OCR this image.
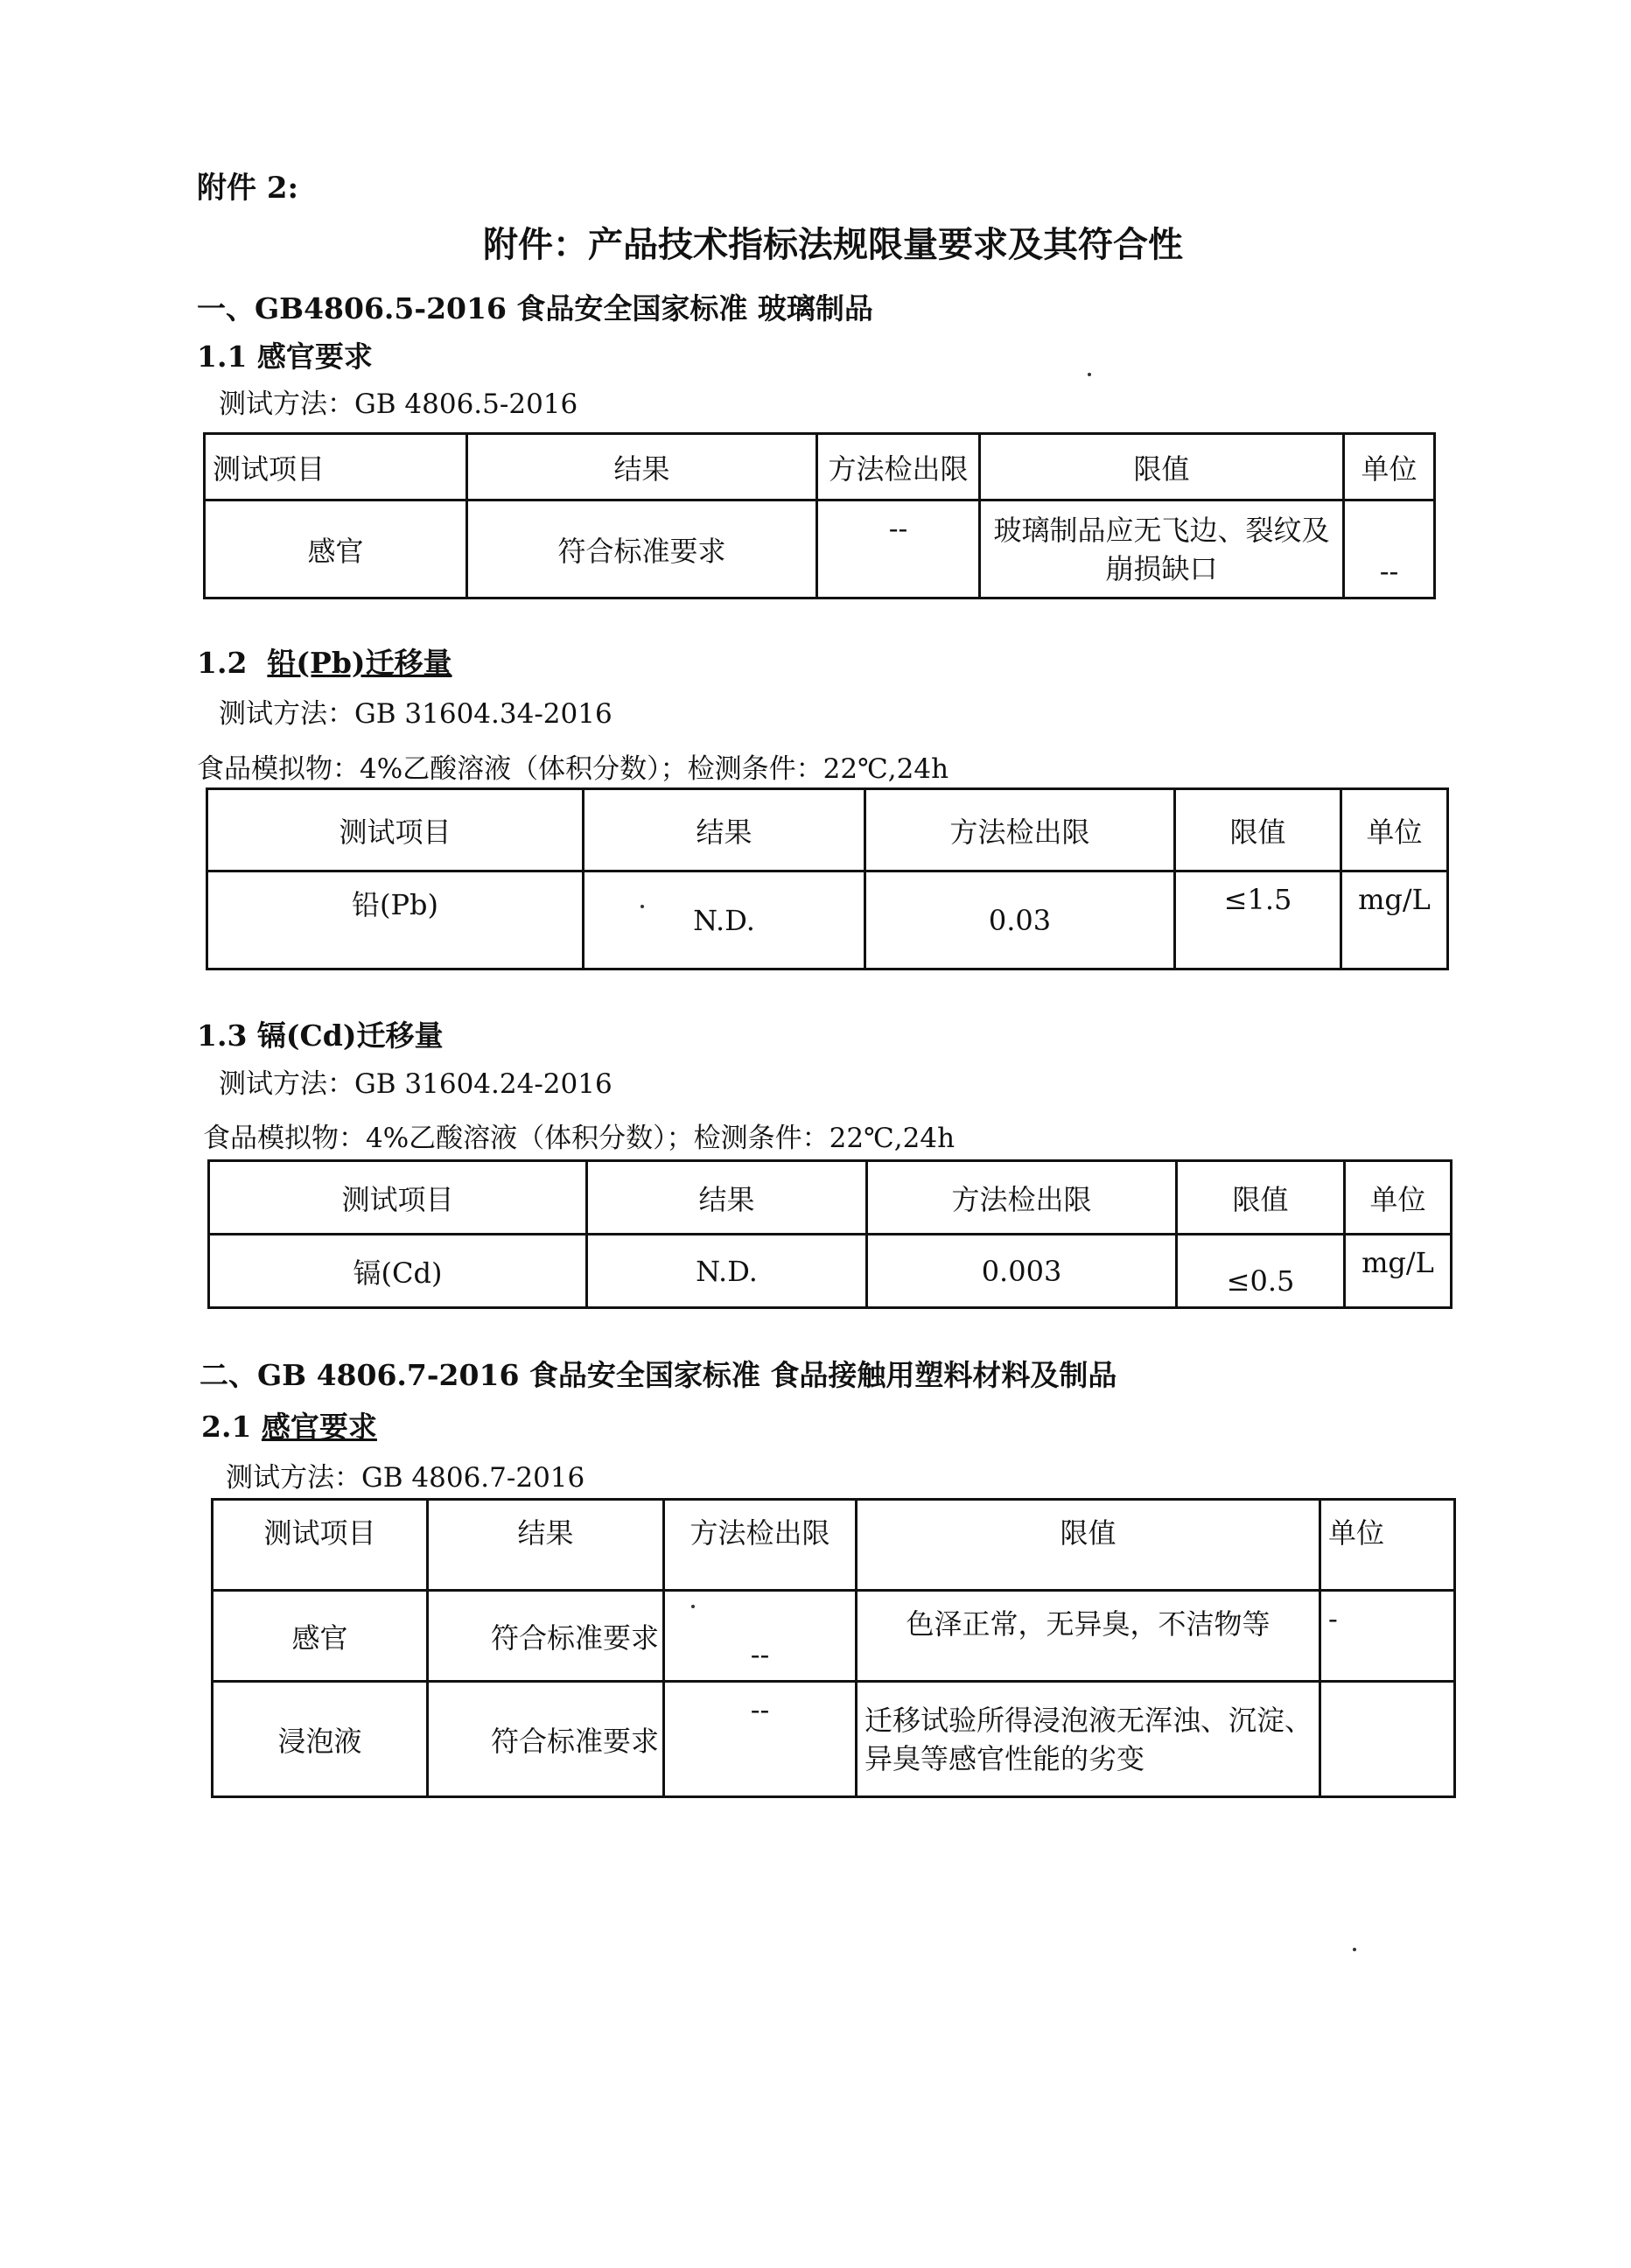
附件 2:
附件：产品技术指标法规限量要求及其符合性
一、GB4806.5-2016 食品安全国家标准 玻璃制品
1.1 感官要求
测试方法：GB 4806.5-2016
测试项目	结果	方法检出限	限值	单位
感官	符合标准要求	--	玻璃制品应无飞边、裂纹及崩损缺口	--
1.2 铅(Pb)迁移量
测试方法：GB 31604.34-2016
食品模拟物：4%乙酸溶液（体积分数）；检测条件：22℃,24h
测试项目	结果	方法检出限	限值	单位
铅(Pb)	N.D.	0.03	≤1.5	mg/L
1.3 镉(Cd)迁移量
测试方法：GB 31604.24-2016
食品模拟物：4%乙酸溶液（体积分数）；检测条件：22℃,24h
测试项目	结果	方法检出限	限值	单位
镉(Cd)	N.D.	0.003	≤0.5	mg/L
二、GB 4806.7-2016 食品安全国家标准 食品接触用塑料材料及制品
2.1 感官要求
测试方法：GB 4806.7-2016
测试项目	结果	方法检出限	限值	单位
感官	符合标准要求	--	色泽正常，无异臭，不洁物等	-
浸泡液	符合标准要求	--	迁移试验所得浸泡液无浑浊、沉淀、异臭等感官性能的劣变	
